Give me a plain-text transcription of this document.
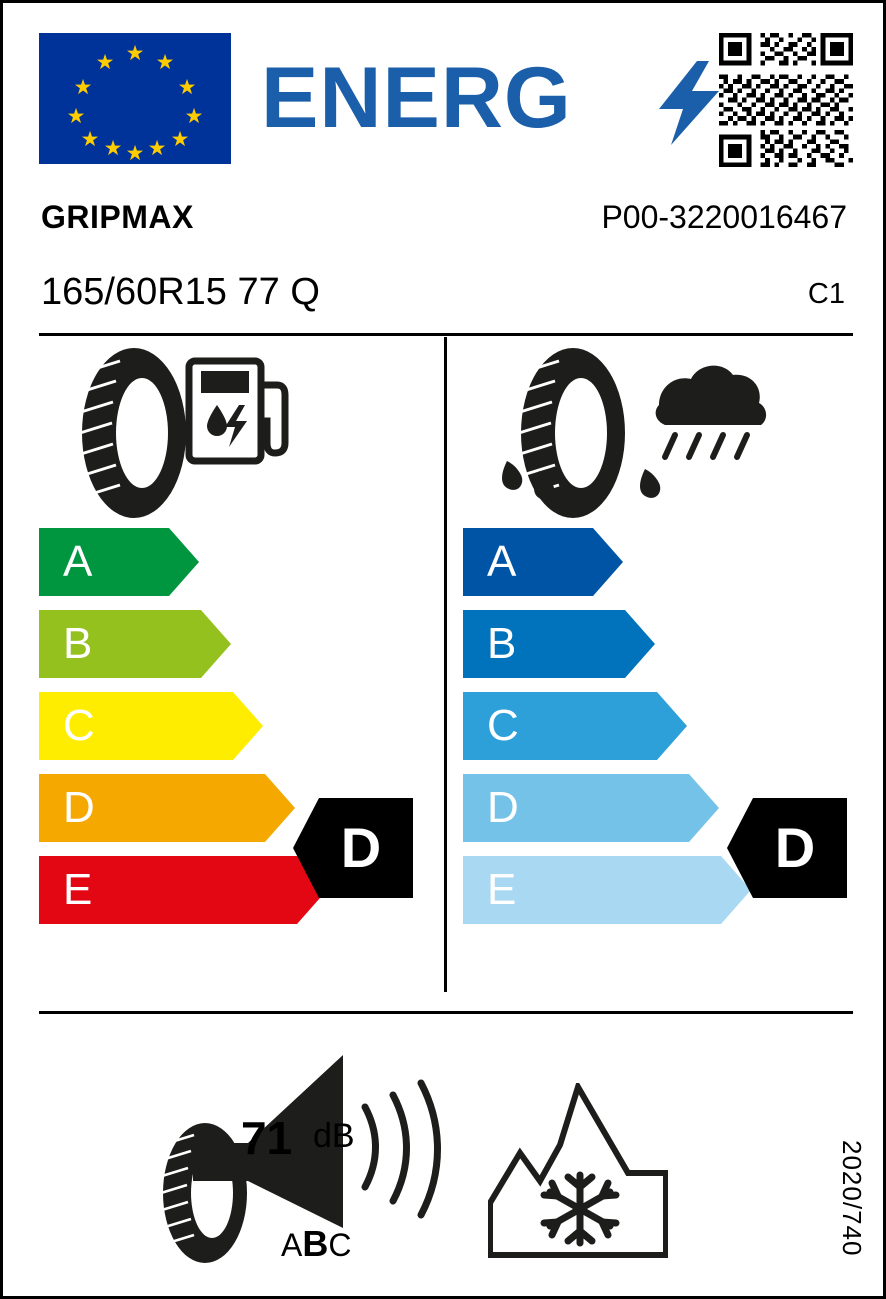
★
★ ★
★	★
★	★
★	★
★ ★
★
ENERG
GRIPMAX	P00-3220016467
165/60R15 77 Q	C1
A
B
C
D
E
D
A
B
C
D
E
D
71 dB
ABC	2020/740
